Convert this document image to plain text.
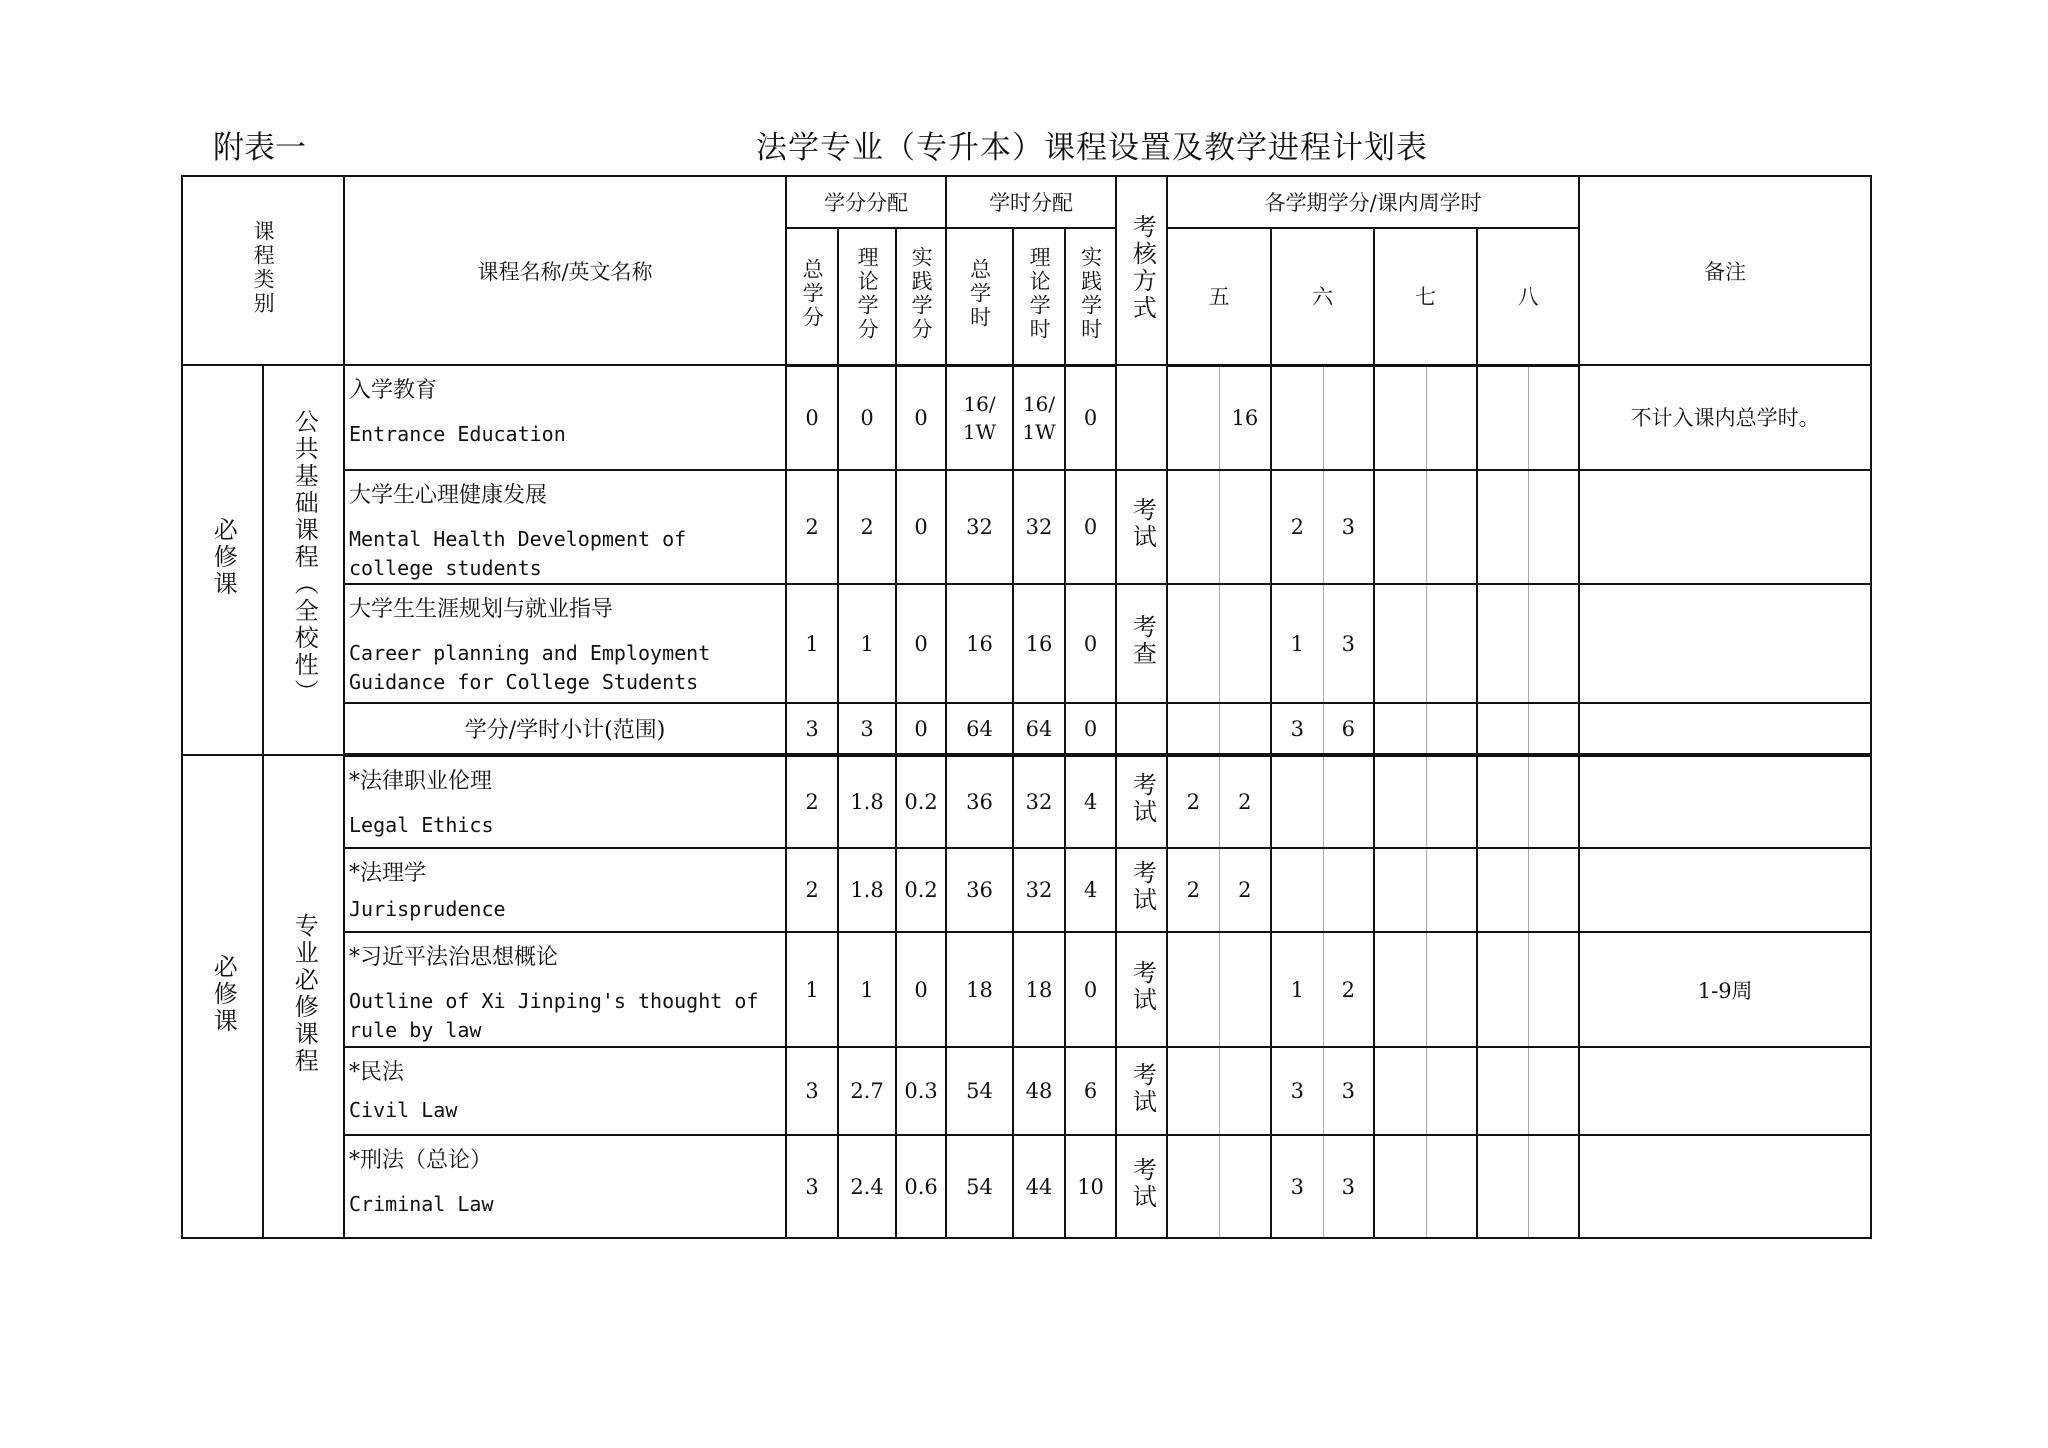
附表一	法学专业（专升本）课程设置及教学进程计划表
课程类别		课程名称/英文名称	学分分配			学时分配			考核方式	各学期学分/课内周学时								备注
			总学分	理论学分	实践学分	总学时	理论学时	实践学时		五		六		七		八		
必修课	公共基础课程（全校性）	入学教育
Entrance Education	0	0	0	16/1W	16/1W	0			16							不计入课内总学时。

		大学生心理健康发展
Mental Health Development of
college students	2	2	0	32	32	0	考试			2	3					

		大学生生涯规划与就业指导
Career planning and Employment
Guidance for College Students	1	1	0	16	16	0	考查			1	3					
		学分/学时小计(范围)	3	3	0	64	64	0				3	6					
必修课	专业必修课程	*法律职业伦理
Legal Ethics	2	1.8	0.2	36	32	4	考试	2	2							

		*法理学
Jurisprudence	2	1.8	0.2	36	32	4	考试	2	2							

		*习近平法治思想概论
Outline of Xi Jinping's thought of
rule by law	1	1	0	18	18	0	考试			1	2					1-9周

		*民法
Civil Law	3	2.7	0.3	54	48	6	考试			3	3					

		*刑法（总论）
Criminal Law	3	2.4	0.6	54	44	10	考试			3	3					
